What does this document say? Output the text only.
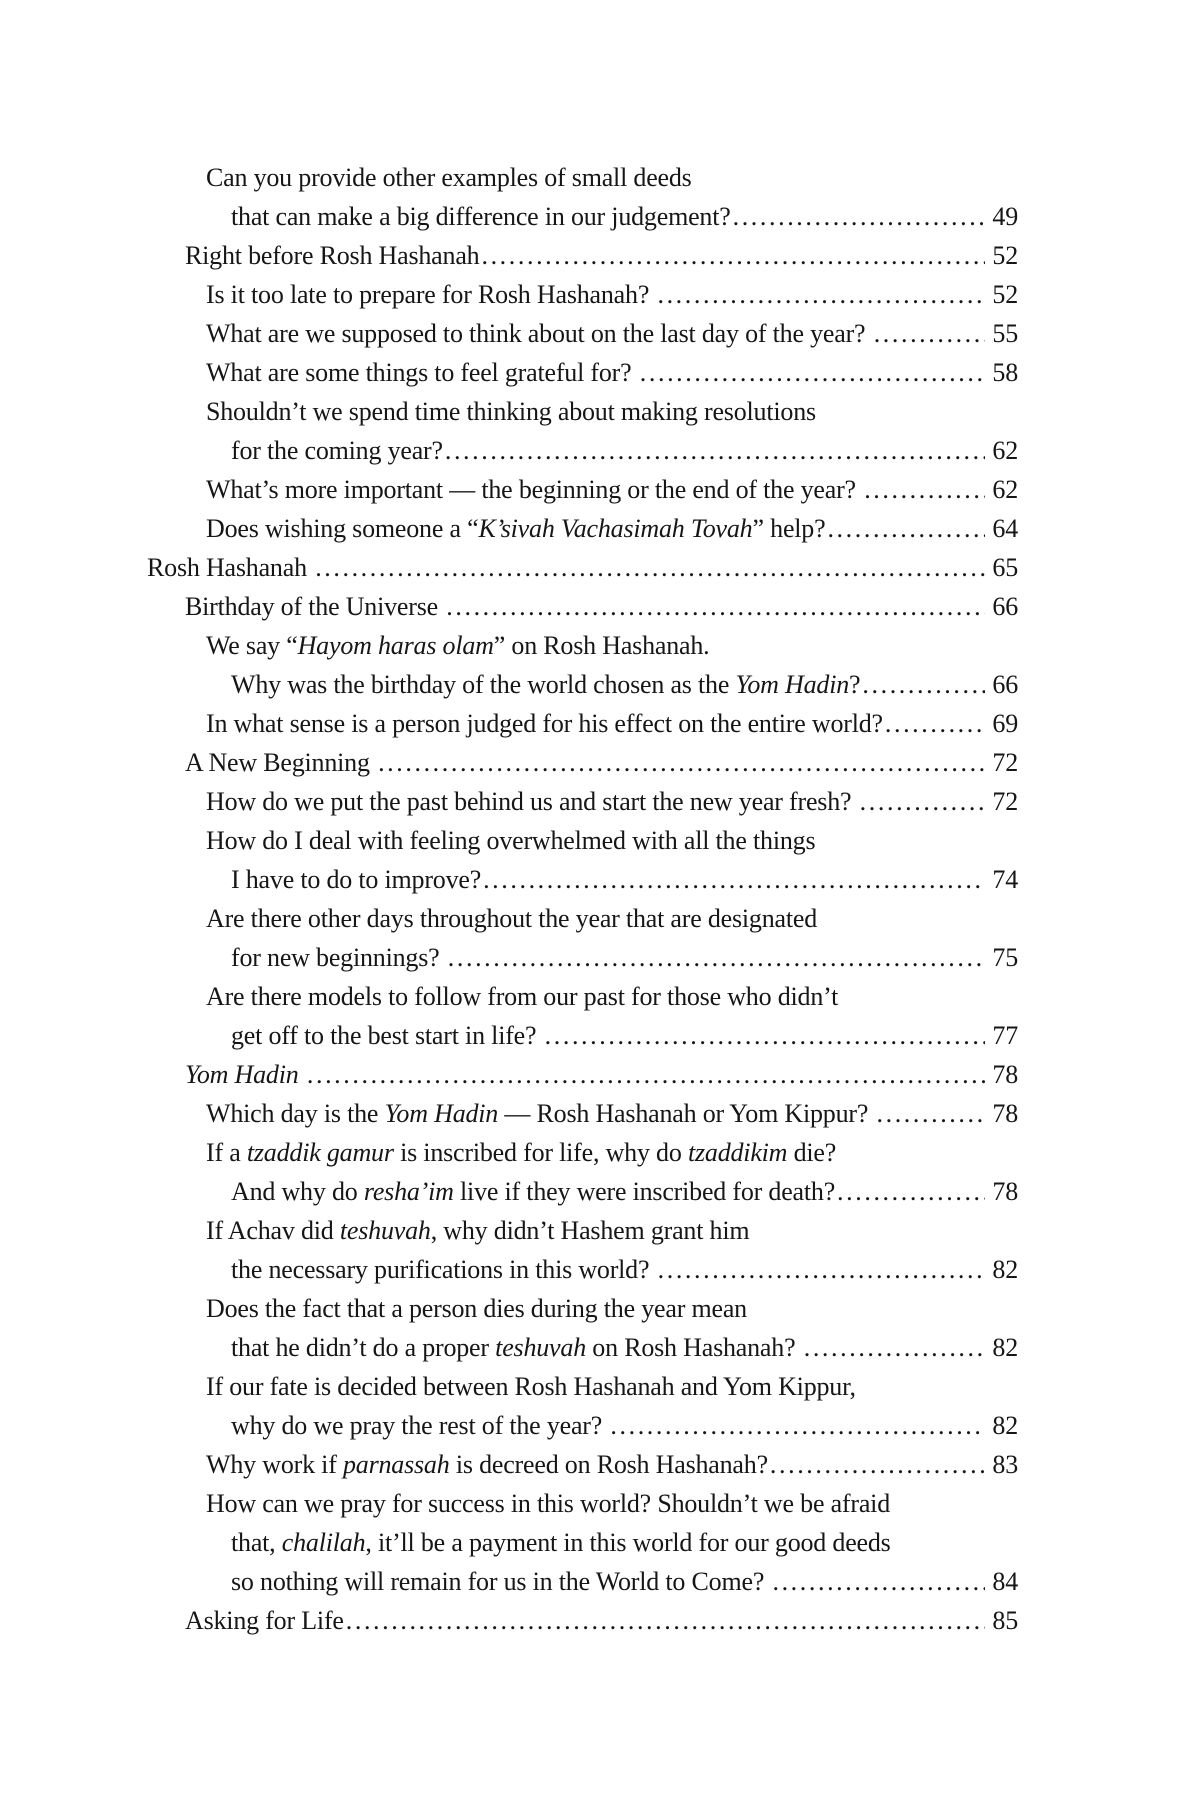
Can you provide other examples of small deeds
that can make a big difference in our judgement? .....	49
Right before Rosh Hashanah .....	52
Is it too late to prepare for Rosh Hashanah? .....	52
What are we supposed to think about on the last day of the year? .....	55
What are some things to feel grateful for? .....	58
Shouldn’t we spend time thinking about making resolutions
for the coming year? .....	62
What’s more important — the beginning or the end of the year? .....	62
Does wishing someone a “K’sivah Vachasimah Tovah” help? .....	64
Rosh Hashanah .....	65
Birthday of the Universe .....	66
We say “Hayom haras olam” on Rosh Hashanah.
Why was the birthday of the world chosen as the Yom Hadin? .....	66
In what sense is a person judged for his effect on the entire world? .....	69
A New Beginning .....	72
How do we put the past behind us and start the new year fresh? .....	72
How do I deal with feeling overwhelmed with all the things
I have to do to improve? .....	74
Are there other days throughout the year that are designated
for new beginnings? .....	75
Are there models to follow from our past for those who didn’t
get off to the best start in life? .....	77
Yom Hadin .....	78
Which day is the Yom Hadin — Rosh Hashanah or Yom Kippur? .....	78
If a tzaddik gamur is inscribed for life, why do tzaddikim die?
And why do resha’im live if they were inscribed for death? .....	78
If Achav did teshuvah, why didn’t Hashem grant him
the necessary purifications in this world? .....	82
Does the fact that a person dies during the year mean
that he didn’t do a proper teshuvah on Rosh Hashanah? .....	82
If our fate is decided between Rosh Hashanah and Yom Kippur,
why do we pray the rest of the year? .....	82
Why work if parnassah is decreed on Rosh Hashanah? .....	83
How can we pray for success in this world? Shouldn’t we be afraid
that, chalilah, it’ll be a payment in this world for our good deeds
so nothing will remain for us in the World to Come? .....	84
Asking for Life .....	85
